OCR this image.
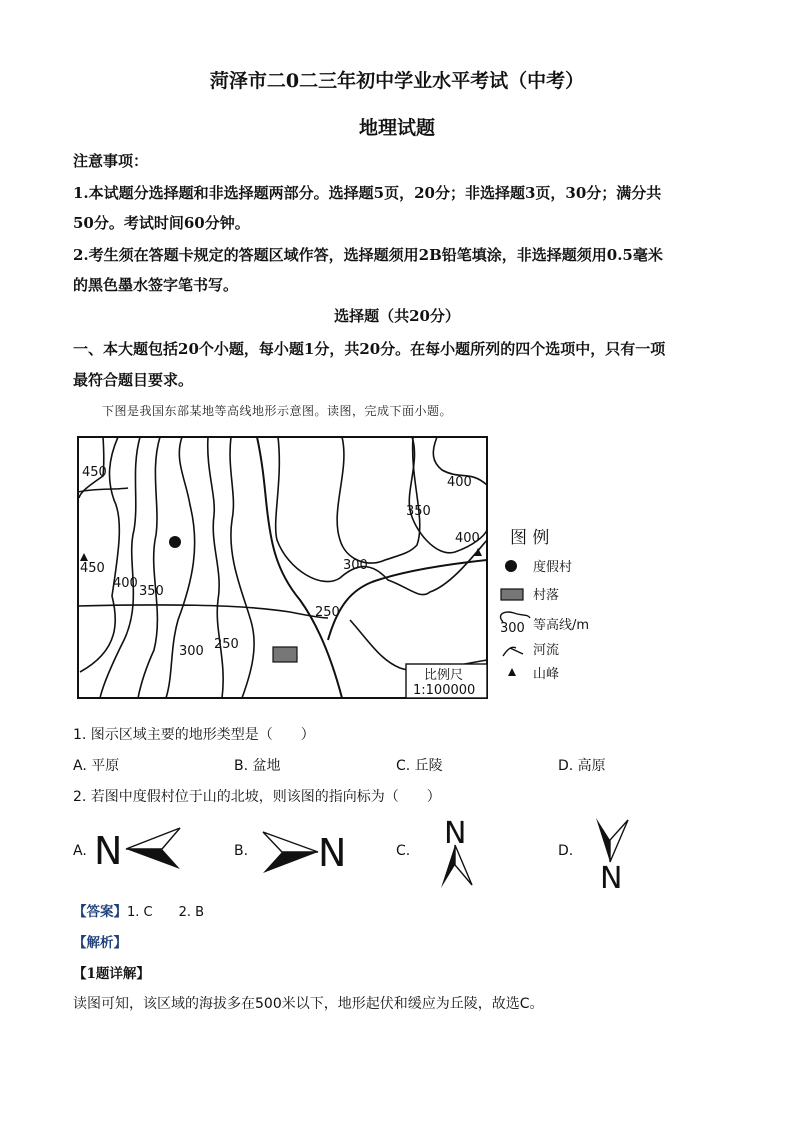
菏泽市二0二三年初中学业水平考试（中考）
地理试题
注意事项：
1.本试题分选择题和非选择题两部分。选择题5页，20分；非选择题3页，30分；满分共
50分。考试时间60分钟。
2.考生须在答题卡规定的答题区域作答，选择题须用2B铅笔填涂，非选择题须用0.5毫米
的黑色墨水签字笔书写。
选择题（共20分）
一、本大题包括20个小题，每小题1分，共20分。在每小题所列的四个选项中，只有一项
最符合题目要求。
下图是我国东部某地等高线地形示意图。读图，完成下面小题。
比例尺
1:100000
450
450
400
350
300 250
400
350
300
250
400 图 例
度假村
村落
300 等高线/m
河流
山峰
1. 图示区域主要的地形类型是（　　）
A. 平原	B. 盆地	C. 丘陵	D. 高原
2. 若图中度假村位于山的北坡，则该图的指向标为（　　）
A.	B.	C.	D.
N	N	N
N
【答案】1. C　　2. B
【解析】
【1题详解】
读图可知，该区域的海拔多在500米以下，地形起伏和缓应为丘陵，故选C。
